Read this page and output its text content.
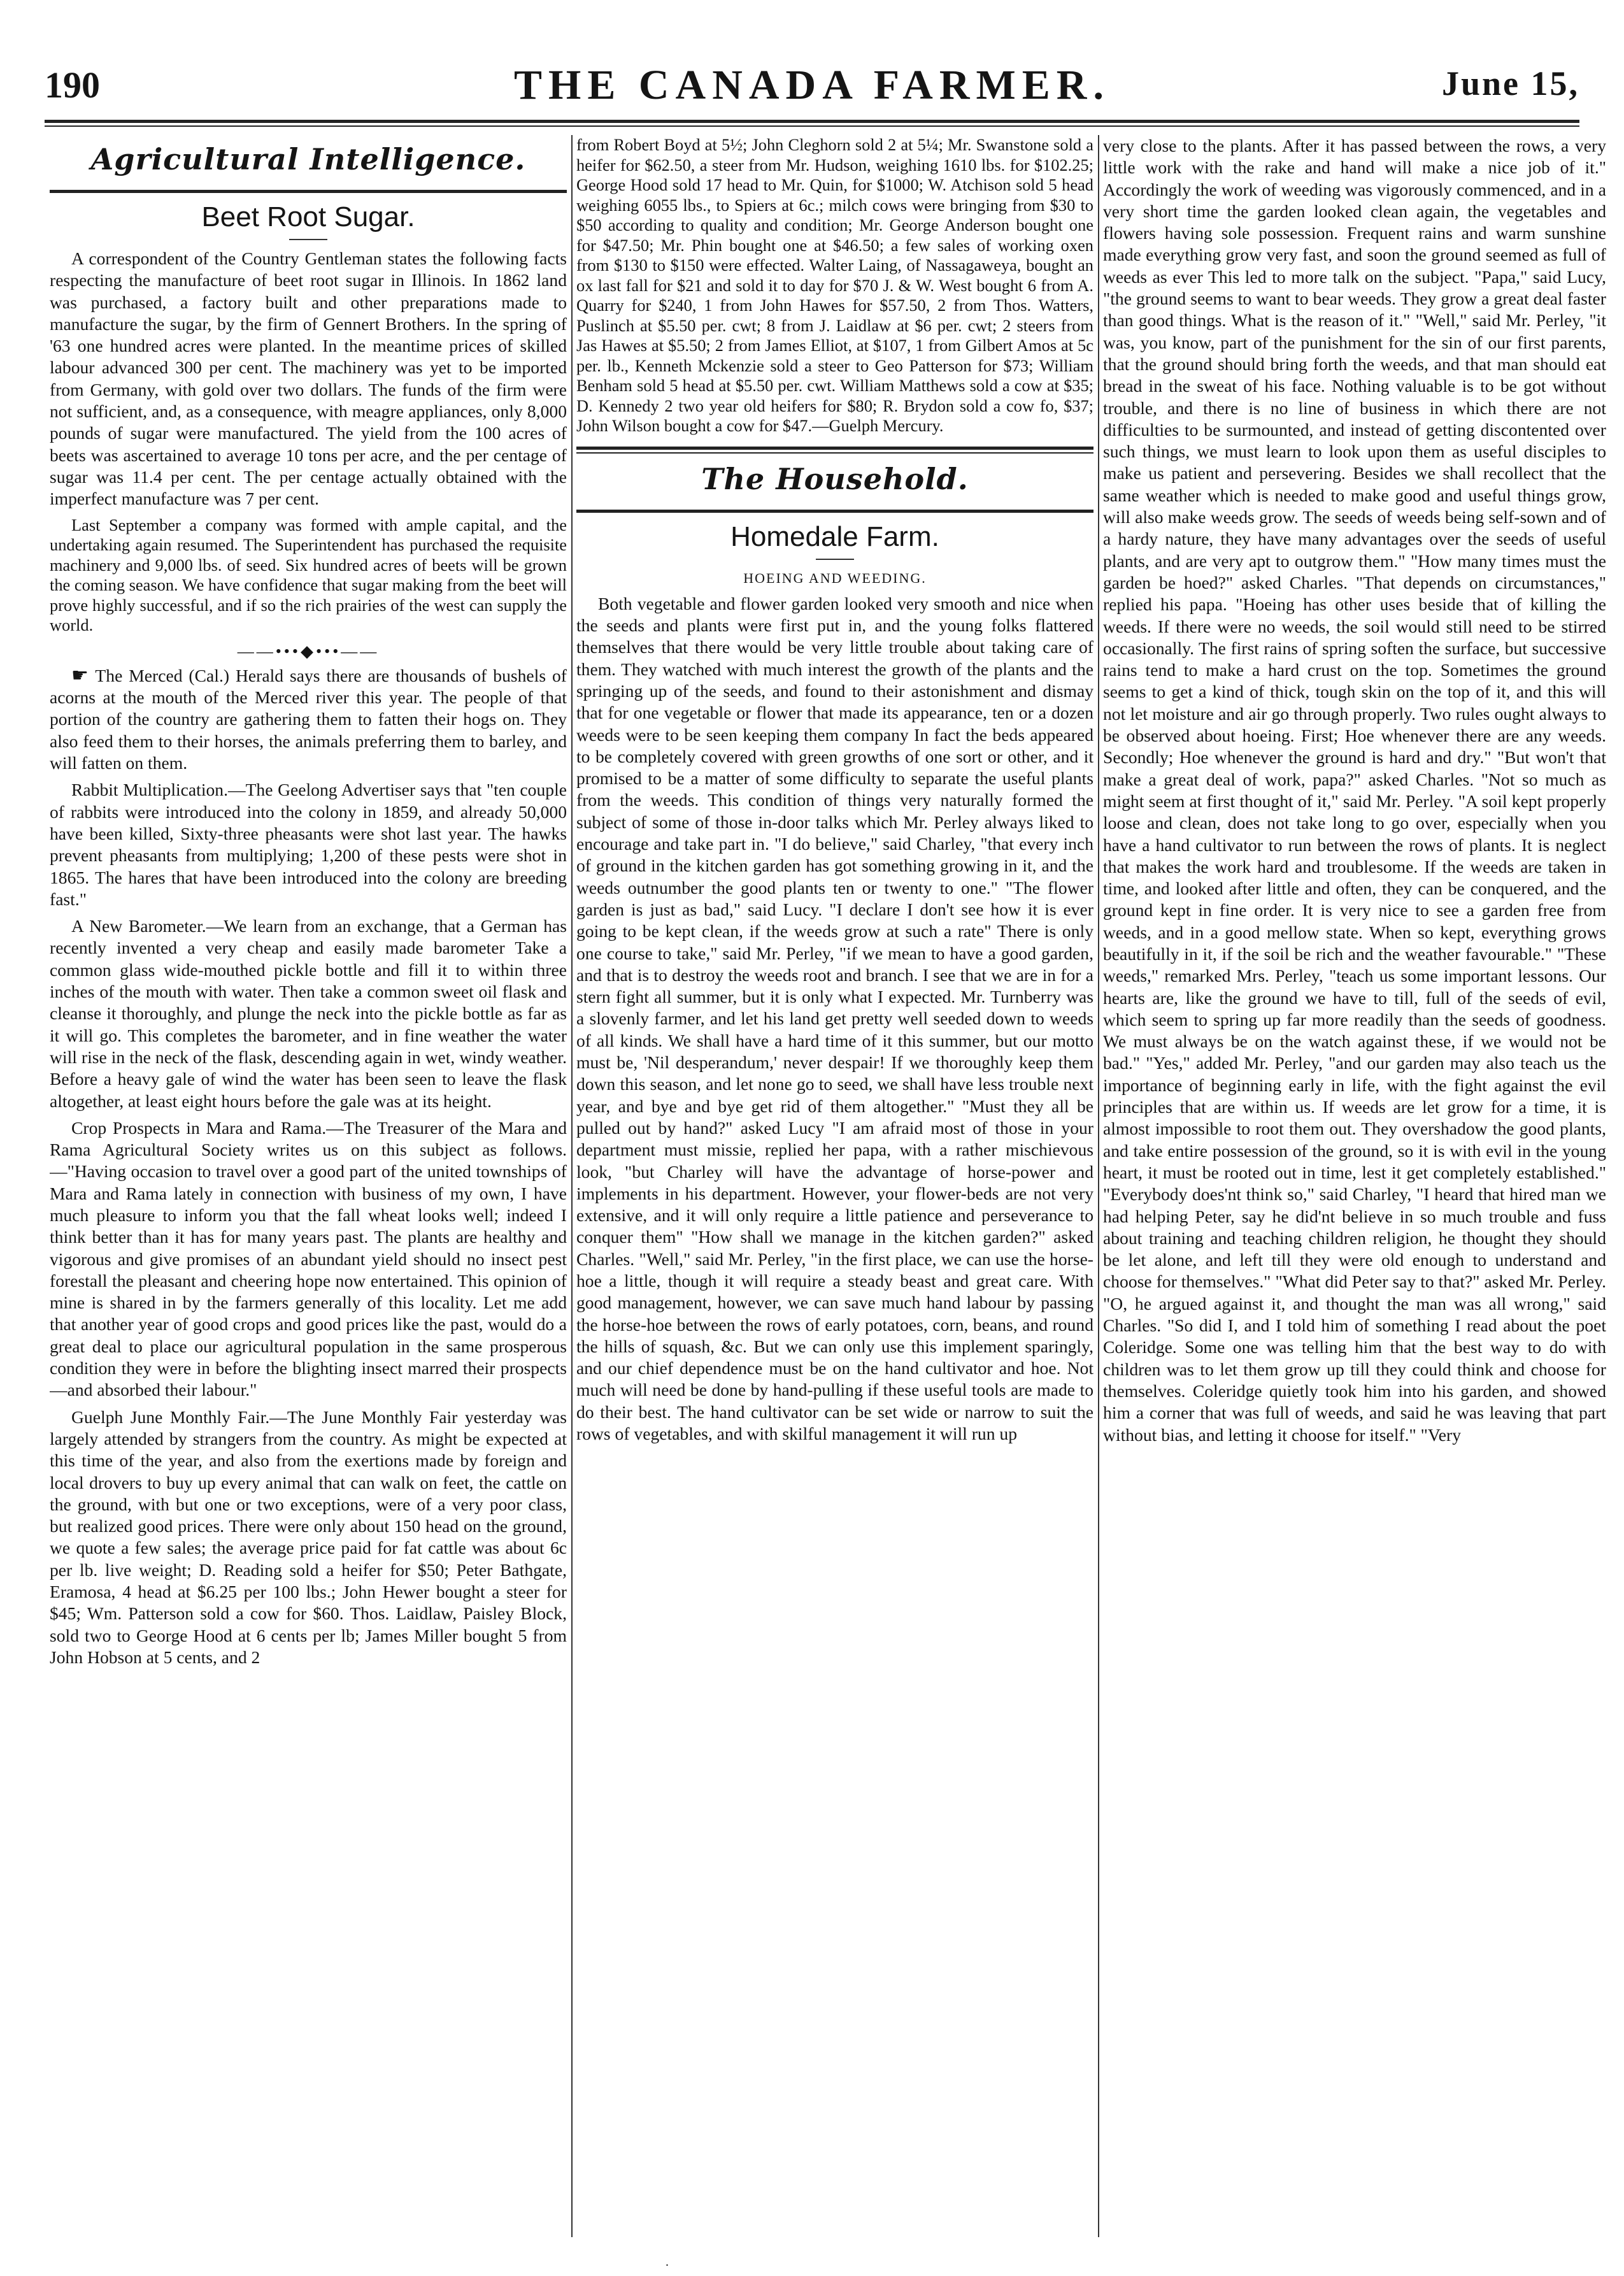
190	THE CANADA FARMER.	June 15,
Agricultural Intelligence.
Beet Root Sugar.

A correspondent of the Country Gentleman states the following facts respecting the manufacture of beet root sugar in Illinois. In 1862 land was purchased, a factory built and other preparations made to manufacture the sugar, by the firm of Gennert Brothers. In the spring of '63 one hundred acres were planted. In the meantime prices of skilled labour advanced 300 per cent. The machinery was yet to be imported from Germany, with gold over two dollars. The funds of the firm were not sufficient, and, as a consequence, with meagre appliances, only 8,000 pounds of sugar were manufactured. The yield from the 100 acres of beets was ascertained to average 10 tons per acre, and the per centage of sugar was 11.4 per cent. The per centage actually obtained with the imperfect manufacture was 7 per cent.

Last September a company was formed with ample capital, and the undertaking again resumed. The Superintendent has purchased the requisite machinery and 9,000 lbs. of seed. Six hundred acres of beets will be grown the coming season. We have confidence that sugar making from the beet will prove highly successful, and if so the rich prairies of the west can supply the world.

——•••◆•••——

☛ The Merced (Cal.) Herald says there are thousands of bushels of acorns at the mouth of the Merced river this year. The people of that portion of the country are gathering them to fatten their hogs on. They also feed them to their horses, the animals preferring them to barley, and will fatten on them.

Rabbit Multiplication.—The Geelong Advertiser says that "ten couple of rabbits were introduced into the colony in 1859, and already 50,000 have been killed, Sixty-three pheasants were shot last year. The hawks prevent pheasants from multiplying; 1,200 of these pests were shot in 1865. The hares that have been introduced into the colony are breeding fast."

A New Barometer.—We learn from an exchange, that a German has recently invented a very cheap and easily made barometer Take a common glass wide-mouthed pickle bottle and fill it to within three inches of the mouth with water. Then take a common sweet oil flask and cleanse it thoroughly, and plunge the neck into the pickle bottle as far as it will go. This completes the barometer, and in fine weather the water will rise in the neck of the flask, descending again in wet, windy weather. Before a heavy gale of wind the water has been seen to leave the flask altogether, at least eight hours before the gale was at its height.

Crop Prospects in Mara and Rama.—The Treasurer of the Mara and Rama Agricultural Society writes us on this subject as follows.—"Having occasion to travel over a good part of the united townships of Mara and Rama lately in connection with business of my own, I have much pleasure to inform you that the fall wheat looks well; indeed I think better than it has for many years past. The plants are healthy and vigorous and give promises of an abundant yield should no insect pest forestall the pleasant and cheering hope now entertained. This opinion of mine is shared in by the farmers generally of this locality. Let me add that another year of good crops and good prices like the past, would do a great deal to place our agricultural population in the same prosperous condition they were in before the blighting insect marred their prospects—and absorbed their labour."

Guelph June Monthly Fair.—The June Monthly Fair yesterday was largely attended by strangers from the country. As might be expected at this time of the year, and also from the exertions made by foreign and local drovers to buy up every animal that can walk on feet, the cattle on the ground, with but one or two exceptions, were of a very poor class, but realized good prices. There were only about 150 head on the ground, we quote a few sales; the average price paid for fat cattle was about 6c per lb. live weight; D. Reading sold a heifer for $50; Peter Bathgate, Eramosa, 4 head at $6.25 per 100 lbs.; John Hewer bought a steer for $45; Wm. Patterson sold a cow for $60. Thos. Laidlaw, Paisley Block, sold two to George Hood at 6 cents per lb; James Miller bought 5 from John Hobson at 5 cents, and 2

from Robert Boyd at 5½; John Cleghorn sold 2 at 5¼; Mr. Swanstone sold a heifer for $62.50, a steer from Mr. Hudson, weighing 1610 lbs. for $102.25; George Hood sold 17 head to Mr. Quin, for $1000; W. Atchison sold 5 head weighing 6055 lbs., to Spiers at 6c.; milch cows were bringing from $30 to $50 according to quality and condition; Mr. George Anderson bought one for $47.50; Mr. Phin bought one at $46.50; a few sales of working oxen from $130 to $150 were effected. Walter Laing, of Nassagaweya, bought an ox last fall for $21 and sold it to day for $70 J. & W. West bought 6 from A. Quarry for $240, 1 from John Hawes for $57.50, 2 from Thos. Watters, Puslinch at $5.50 per. cwt; 8 from J. Laidlaw at $6 per. cwt; 2 steers from Jas Hawes at $5.50; 2 from James Elliot, at $107, 1 from Gilbert Amos at 5c per. lb., Kenneth Mckenzie sold a steer to Geo Patterson for $73; William Benham sold 5 head at $5.50 per. cwt. William Matthews sold a cow at $35; D. Kennedy 2 two year old heifers for $80; R. Brydon sold a cow fo, $37; John Wilson bought a cow for $47.—Guelph Mercury.

The Household.
Homedale Farm.
HOEING AND WEEDING.

Both vegetable and flower garden looked very smooth and nice when the seeds and plants were first put in, and the young folks flattered themselves that there would be very little trouble about taking care of them. They watched with much interest the growth of the plants and the springing up of the seeds, and found to their astonishment and dismay that for one vegetable or flower that made its appearance, ten or a dozen weeds were to be seen keeping them company In fact the beds appeared to be completely covered with green growths of one sort or other, and it promised to be a matter of some difficulty to separate the useful plants from the weeds. This condition of things very naturally formed the subject of some of those in-door talks which Mr. Perley always liked to encourage and take part in. "I do believe," said Charley, "that every inch of ground in the kitchen garden has got something growing in it, and the weeds outnumber the good plants ten or twenty to one." "The flower garden is just as bad," said Lucy. "I declare I don't see how it is ever going to be kept clean, if the weeds grow at such a rate" There is only one course to take," said Mr. Perley, "if we mean to have a good garden, and that is to destroy the weeds root and branch. I see that we are in for a stern fight all summer, but it is only what I expected. Mr. Turnberry was a slovenly farmer, and let his land get pretty well seeded down to weeds of all kinds. We shall have a hard time of it this summer, but our motto must be, 'Nil desperandum,' never despair! If we thoroughly keep them down this season, and let none go to seed, we shall have less trouble next year, and bye and bye get rid of them altogether." "Must they all be pulled out by hand?" asked Lucy "I am afraid most of those in your department must missie, replied her papa, with a rather mischievous look, "but Charley will have the advantage of horse-power and implements in his department. However, your flower-beds are not very extensive, and it will only require a little patience and perseverance to conquer them" "How shall we manage in the kitchen garden?" asked Charles. "Well," said Mr. Perley, "in the first place, we can use the horse-hoe a little, though it will require a steady beast and great care. With good management, however, we can save much hand labour by passing the horse-hoe between the rows of early potatoes, corn, beans, and round the hills of squash, &c. But we can only use this implement sparingly, and our chief dependence must be on the hand cultivator and hoe. Not much will need be done by hand-pulling if these useful tools are made to do their best. The hand cultivator can be set wide or narrow to suit the rows of vegetables, and with skilful management it will run up

very close to the plants. After it has passed between the rows, a very little work with the rake and hand will make a nice job of it." Accordingly the work of weeding was vigorously commenced, and in a very short time the garden looked clean again, the vegetables and flowers having sole possession. Frequent rains and warm sunshine made everything grow very fast, and soon the ground seemed as full of weeds as ever This led to more talk on the subject. "Papa," said Lucy, "the ground seems to want to bear weeds. They grow a great deal faster than good things. What is the reason of it." "Well," said Mr. Perley, "it was, you know, part of the punishment for the sin of our first parents, that the ground should bring forth the weeds, and that man should eat bread in the sweat of his face. Nothing valuable is to be got without trouble, and there is no line of business in which there are not difficulties to be surmounted, and instead of getting discontented over such things, we must learn to look upon them as useful disciples to make us patient and persevering. Besides we shall recollect that the same weather which is needed to make good and useful things grow, will also make weeds grow. The seeds of weeds being self-sown and of a hardy nature, they have many advantages over the seeds of useful plants, and are very apt to outgrow them." "How many times must the garden be hoed?" asked Charles. "That depends on circumstances," replied his papa. "Hoeing has other uses beside that of killing the weeds. If there were no weeds, the soil would still need to be stirred occasionally. The first rains of spring soften the surface, but successive rains tend to make a hard crust on the top. Sometimes the ground seems to get a kind of thick, tough skin on the top of it, and this will not let moisture and air go through properly. Two rules ought always to be observed about hoeing. First; Hoe whenever there are any weeds. Secondly; Hoe whenever the ground is hard and dry." "But won't that make a great deal of work, papa?" asked Charles. "Not so much as might seem at first thought of it," said Mr. Perley. "A soil kept properly loose and clean, does not take long to go over, especially when you have a hand cultivator to run between the rows of plants. It is neglect that makes the work hard and troublesome. If the weeds are taken in time, and looked after little and often, they can be conquered, and the ground kept in fine order. It is very nice to see a garden free from weeds, and in a good mellow state. When so kept, everything grows beautifully in it, if the soil be rich and the weather favourable." "These weeds," remarked Mrs. Perley, "teach us some important lessons. Our hearts are, like the ground we have to till, full of the seeds of evil, which seem to spring up far more readily than the seeds of goodness. We must always be on the watch against these, if we would not be bad." "Yes," added Mr. Perley, "and our garden may also teach us the importance of beginning early in life, with the fight against the evil principles that are within us. If weeds are let grow for a time, it is almost impossible to root them out. They overshadow the good plants, and take entire possession of the ground, so it is with evil in the young heart, it must be rooted out in time, lest it get completely established." "Everybody does'nt think so," said Charley, "I heard that hired man we had helping Peter, say he did'nt believe in so much trouble and fuss about training and teaching children religion, he thought they should be let alone, and left till they were old enough to understand and choose for themselves." "What did Peter say to that?" asked Mr. Perley. "O, he argued against it, and thought the man was all wrong," said Charles. "So did I, and I told him of something I read about the poet Coleridge. Some one was telling him that the best way to do with children was to let them grow up till they could think and choose for themselves. Coleridge quietly took him into his garden, and showed him a corner that was full of weeds, and said he was leaving that part without bias, and letting it choose for itself." "Very

.
